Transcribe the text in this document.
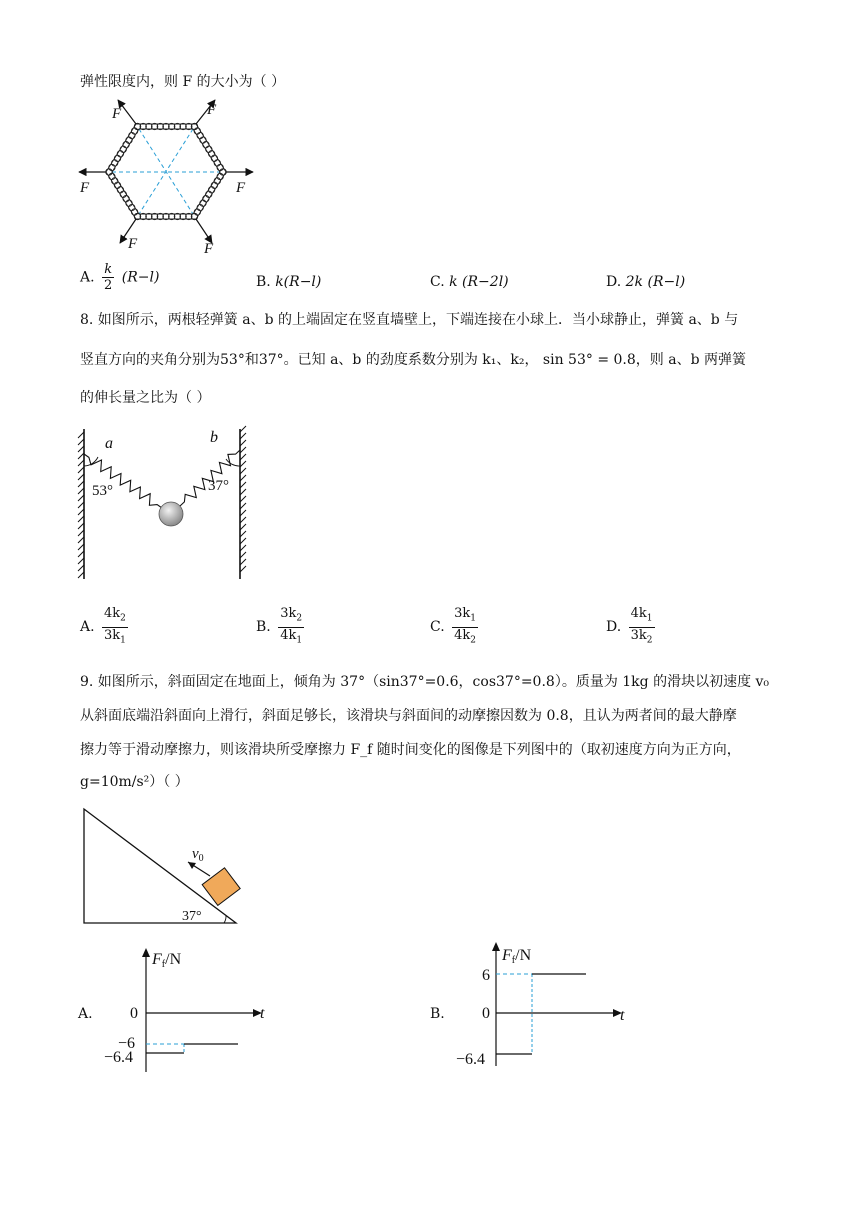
弹性限度内，则 F 的大小为（ ）
F	F
F	F
F	F
A. $\frac{k}{2} (R-l)$	B. k(R−l)	C. k (R−2l)	D. 2k (R−l)
8. 如图所示，两根轻弹簧 a、b 的上端固定在竖直墙壁上，下端连接在小球上．当小球静止，弹簧 a、b 与
竖直方向的夹角分别为53°和37°。已知 a、b 的劲度系数分别为 k₁、k₂， sin 53° = 0.8，则 a、b 两弹簧
的伸长量之比为（ ）
a	b
53°	37°
A. $\frac{4k_2}{3k_1}$	B. $\frac{3k_2}{4k_1}$	C. $\frac{3k_1}{4k_2}$	D. $\frac{4k_1}{3k_2}$
9. 如图所示，斜面固定在地面上，倾角为 37°（sin37°=0.6，cos37°=0.8）。质量为 1kg 的滑块以初速度 v₀
从斜面底端沿斜面向上滑行，斜面足够长，该滑块与斜面间的动摩擦因数为 0.8，且认为两者间的最大静摩
擦力等于滑动摩擦力，则该滑块所受摩擦力 F_f 随时间变化的图像是下列图中的（取初速度方向为正方向，
g=10m/s²）（ ）
$v_0$
37°
A.
Ff/N
t
0
−6
−6.4
B.
Ff/N
t
0
6
−6.4
